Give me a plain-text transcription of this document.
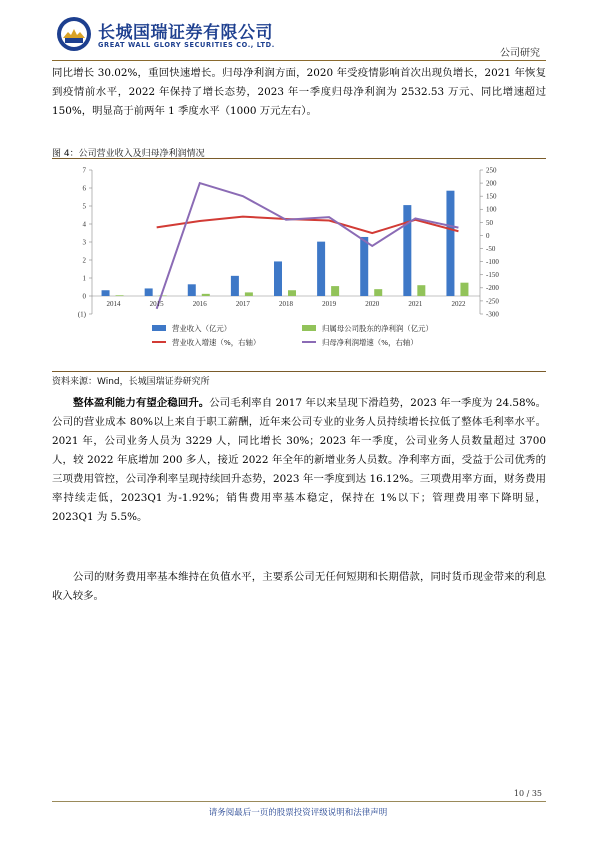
长城国瑞证券有限公司
GREAT WALL GLORY SECURITIES CO., LTD.
公司研究

同比增长 30.02%，重回快速增长。归母净利润方面，2020 年受疫情影响首次出现负增长，2021 年恢复到疫情前水平，2022 年保持了增长态势，2023 年一季度归母净利润为 2532.53 万元、同比增速超过 150%，明显高于前两年 1 季度水平（1000 万元左右）。

图 4：公司营业收入及归母净利润情况
7
6
5
4
3
2
1
0
(1)
250
200
150
100
50
0
-50
-100
-150
-200
-250
-300
2014	2015	2016	2017	2018	2019	2020	2021	2022
营业收入（亿元）	归属母公司股东的净利润（亿元）
营业收入增速（%，右轴）	归母净利润增速（%，右轴）
资料来源：Wind，长城国瑞证券研究所

整体盈利能力有望企稳回升。公司毛利率自 2017 年以来呈现下滑趋势，2023 年一季度为 24.58%。公司的营业成本 80%以上来自于职工薪酬，近年来公司专业的业务人员持续增长拉低了整体毛利率水平。2021 年，公司业务人员为 3229 人，同比增长 30%；2023 年一季度，公司业务人员数量超过 3700 人，较 2022 年底增加 200 多人，接近 2022 年全年的新增业务人员数。净利率方面，受益于公司优秀的三项费用管控，公司净利率呈现持续回升态势，2023 年一季度到达 16.12%。三项费用率方面，财务费用率持续走低，2023Q1 为-1.92%；销售费用率基本稳定，保持在 1%以下；管理费用率下降明显，2023Q1 为 5.5%。

公司的财务费用率基本维持在负值水平，主要系公司无任何短期和长期借款，同时货币现金带来的利息收入较多。

10 / 35
请务阅最后一页的股票投资评级说明和法律声明
